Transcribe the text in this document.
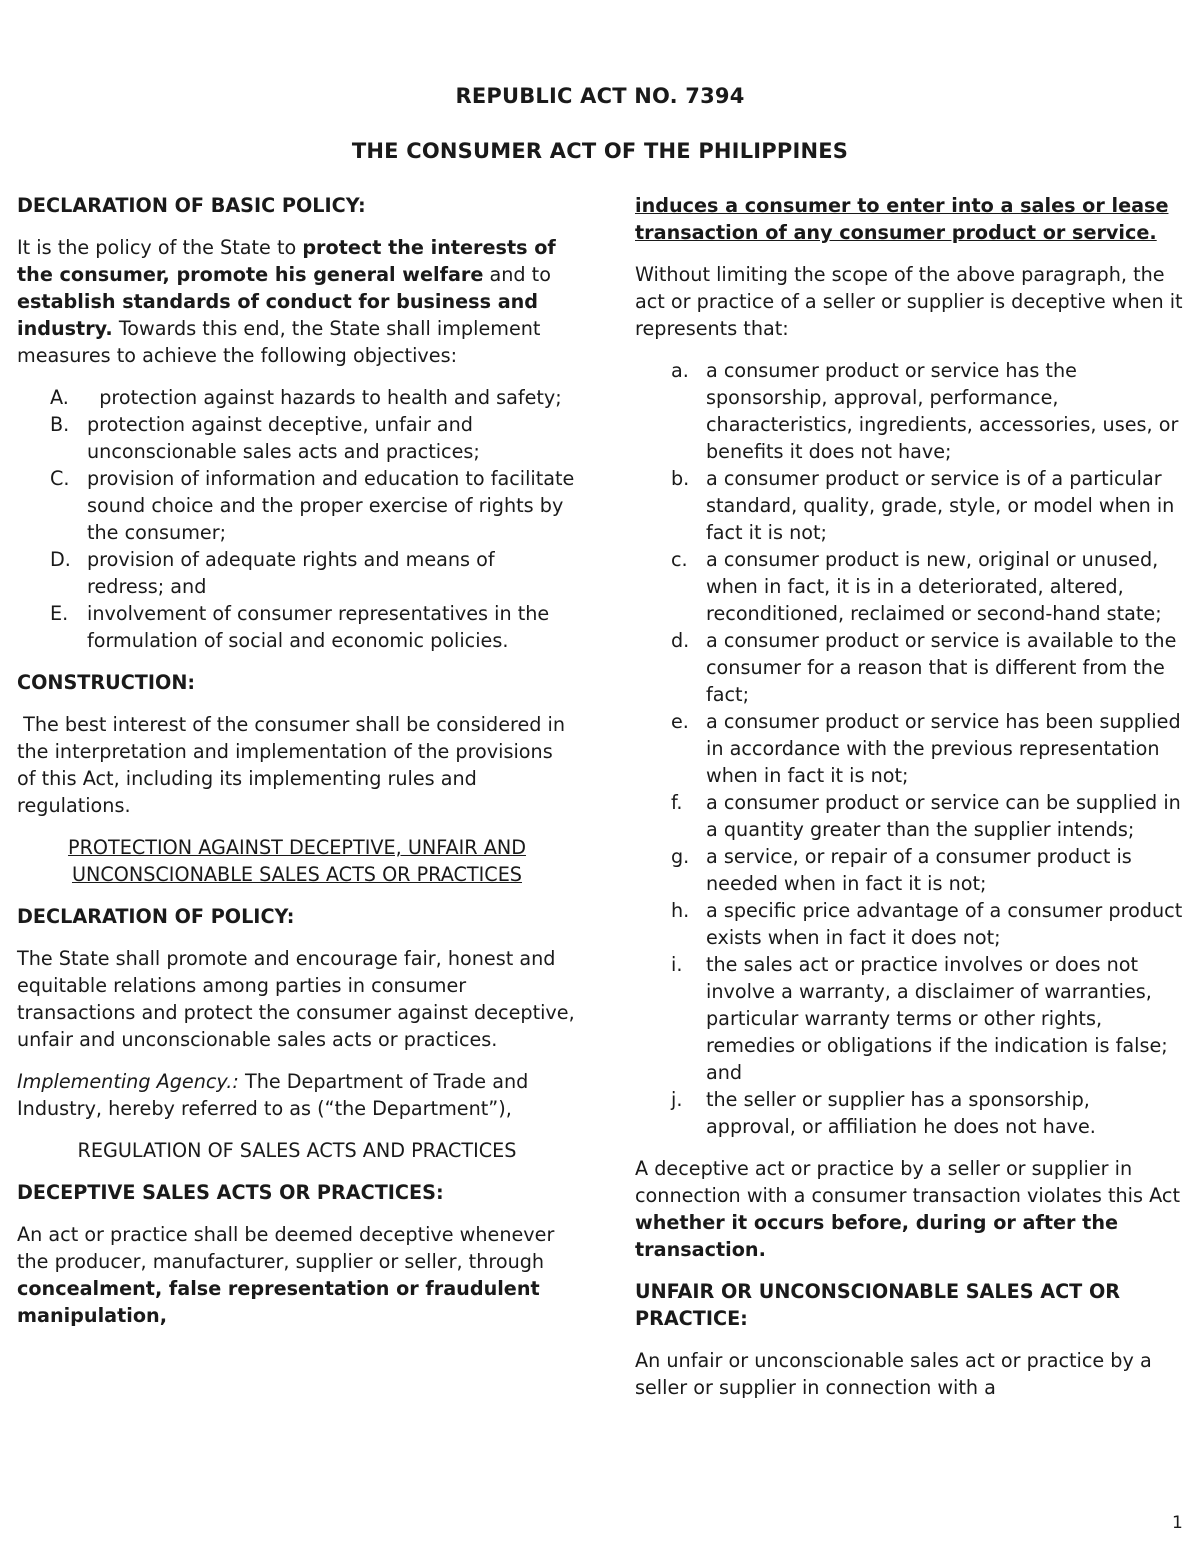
REPUBLIC ACT NO. 7394
THE CONSUMER ACT OF THE PHILIPPINES
DECLARATION OF BASIC POLICY:
It is the policy of the State to protect the interests of the consumer, promote his general welfare and to establish standards of conduct for business and industry. Towards this end, the State shall implement measures to achieve the following objectives:
A. protection against hazards to health and safety;
B. protection against deceptive, unfair and unconscionable sales acts and practices;
C. provision of information and education to facilitate sound choice and the proper exercise of rights by the consumer;
D. provision of adequate rights and means of redress; and
E. involvement of consumer representatives in the formulation of social and economic policies.
CONSTRUCTION:
The best interest of the consumer shall be considered in the interpretation and implementation of the provisions of this Act, including its implementing rules and regulations.
PROTECTION AGAINST DECEPTIVE, UNFAIR AND UNCONSCIONABLE SALES ACTS OR PRACTICES
DECLARATION OF POLICY:
The State shall promote and encourage fair, honest and equitable relations among parties in consumer transactions and protect the consumer against deceptive, unfair and unconscionable sales acts or practices.
Implementing Agency.: The Department of Trade and Industry, hereby referred to as (“the Department”),
REGULATION OF SALES ACTS AND PRACTICES
DECEPTIVE SALES ACTS OR PRACTICES:
An act or practice shall be deemed deceptive whenever the producer, manufacturer, supplier or seller, through concealment, false representation or fraudulent manipulation,
induces a consumer to enter into a sales or lease transaction of any consumer product or service.
Without limiting the scope of the above paragraph, the act or practice of a seller or supplier is deceptive when it represents that:
a. a consumer product or service has the sponsorship, approval, performance, characteristics, ingredients, accessories, uses, or benefits it does not have;
b. a consumer product or service is of a particular standard, quality, grade, style, or model when in fact it is not;
c. a consumer product is new, original or unused, when in fact, it is in a deteriorated, altered, reconditioned, reclaimed or second-hand state;
d. a consumer product or service is available to the consumer for a reason that is different from the fact;
e. a consumer product or service has been supplied in accordance with the previous representation when in fact it is not;
f. a consumer product or service can be supplied in a quantity greater than the supplier intends;
g. a service, or repair of a consumer product is needed when in fact it is not;
h. a specific price advantage of a consumer product exists when in fact it does not;
i. the sales act or practice involves or does not involve a warranty, a disclaimer of warranties, particular warranty terms or other rights, remedies or obligations if the indication is false; and
j. the seller or supplier has a sponsorship, approval, or affiliation he does not have.
A deceptive act or practice by a seller or supplier in connection with a consumer transaction violates this Act whether it occurs before, during or after the transaction.
UNFAIR OR UNCONSCIONABLE SALES ACT OR PRACTICE:
An unfair or unconscionable sales act or practice by a seller or supplier in connection with a
1
